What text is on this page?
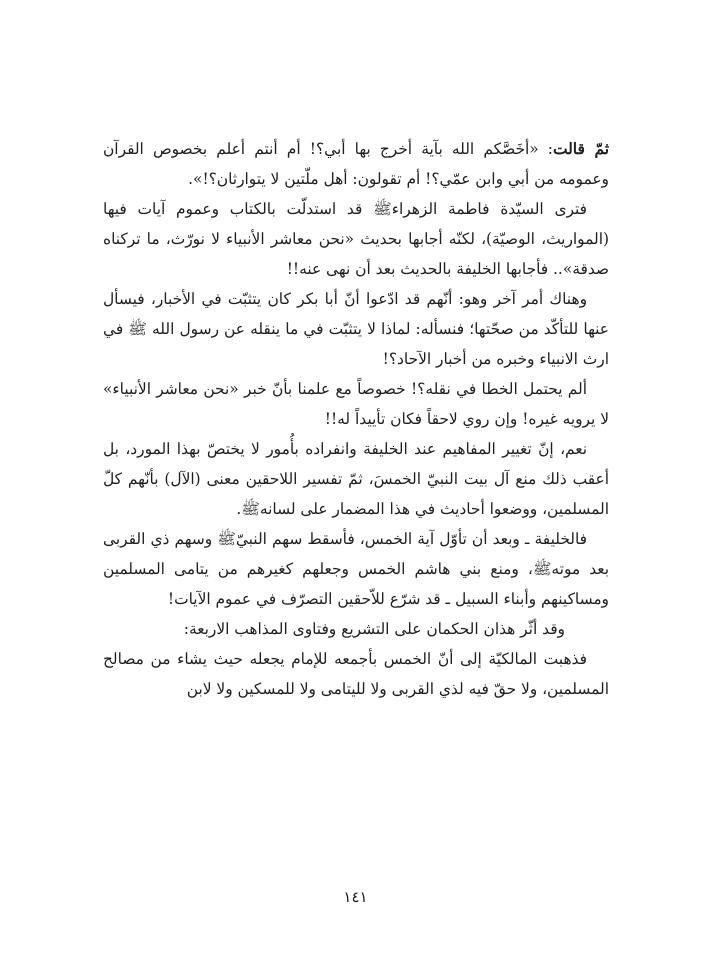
ثمّ قالت: «أخَصَّكم الله بآية أخرج بها أبي؟! أم أنتم أعلم بخصوص القرآن وعمومه من أبي وابن عمّي؟! أم تقولون: أهل ملّتين لا يتوارثان؟!».

فترى السيّدة فاطمة الزهراءﷺ قد استدلّت بالكتاب وعموم آيات فيها (المواريث، الوصيّة)، لكنّه أجابها بحديث «نحن معاشر الأنبياء لا نورّث، ما تركناه صدقة».. فأجابها الخليفة بالحديث بعد أن نهى عنه!!

وهناك أمر آخر وهو: أنّهم قد ادّعوا أنّ أبا بكر كان يتثبّت في الأخبار، فيسأل عنها للتأكّد من صحّتها؛ فنسأله: لماذا لا يتثبّت في ما ينقله عن رسول الله ﷺ في ارث الانبياء وخبره من أخبار الآحاد؟!

ألم يحتمل الخطا في نقله؟! خصوصاً مع علمنا بأنّ خبر «نحن معاشر الأنبياء» لا يرويه غيره! وإن روي لاحقاً فكان تأييداً له!!

نعم، إنّ تغيير المفاهيم عند الخليفة وانفراده بأُمور لا يختصّ بهذا المورد، بل أعقب ذلك منع آل بيت النبيّ الخمسَ، ثمّ تفسير اللاحقين معنى (الآل) بأنّهم كلّ المسلمين، ووضعوا أحاديث في هذا المضمار على لسانهﷺ.

فالخليفة ـ وبعد أن تأوّل آية الخمس، فأسقط سهم النبيّﷺ وسهم ذي القربى بعد موتهﷺ، ومنع بني هاشم الخمس وجعلهم كغيرهم من يتامى المسلمين ومساكينهم وأبناء السبيل ـ قد شرّع للاّحقين التصرّف في عموم الآيات!

وقد أثّر هذان الحكمان على التشريع وفتاوى المذاهب الاربعة:

فذهبت المالكيّة إلى أنّ الخمس بأجمعه للإمام يجعله حيث يشاء من مصالح المسلمين، ولا حقّ فيه لذي القربى ولا لليتامى ولا للمسكين ولا لابن

١٤١
